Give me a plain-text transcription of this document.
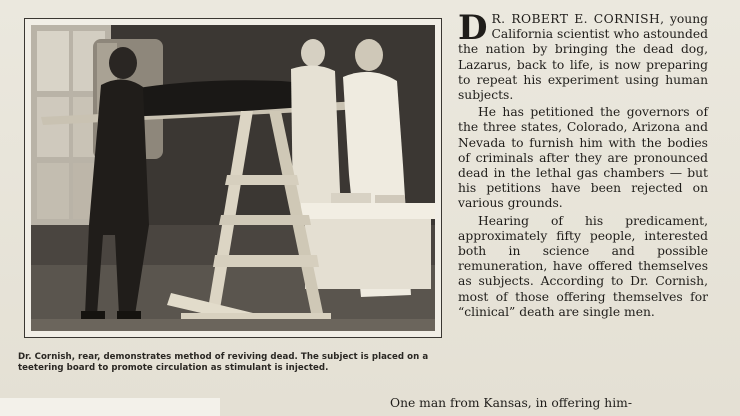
Dr. Cornish, rear, demonstrates method of reviving dead. The subject is placed on a teetering board to promote circulation as stimulant is injected.

D R. ROBERT E. CORNISH, young California scientist who astounded the nation by bringing the dead dog, Lazarus, back to life, is now preparing to repeat his experiment using human subjects.

He has petitioned the governors of the three states, Colorado, Arizona and Nevada to furnish him with the bodies of criminals after they are pronounced dead in the lethal gas chambers — but his petitions have been rejected on various grounds.

Hearing of his predicament, approximately fifty people, interested both in science and possible remuneration, have offered themselves as subjects. According to Dr. Cornish, most of those offering themselves for “clinical” death are single men.

One man from Kansas, in offering him-
